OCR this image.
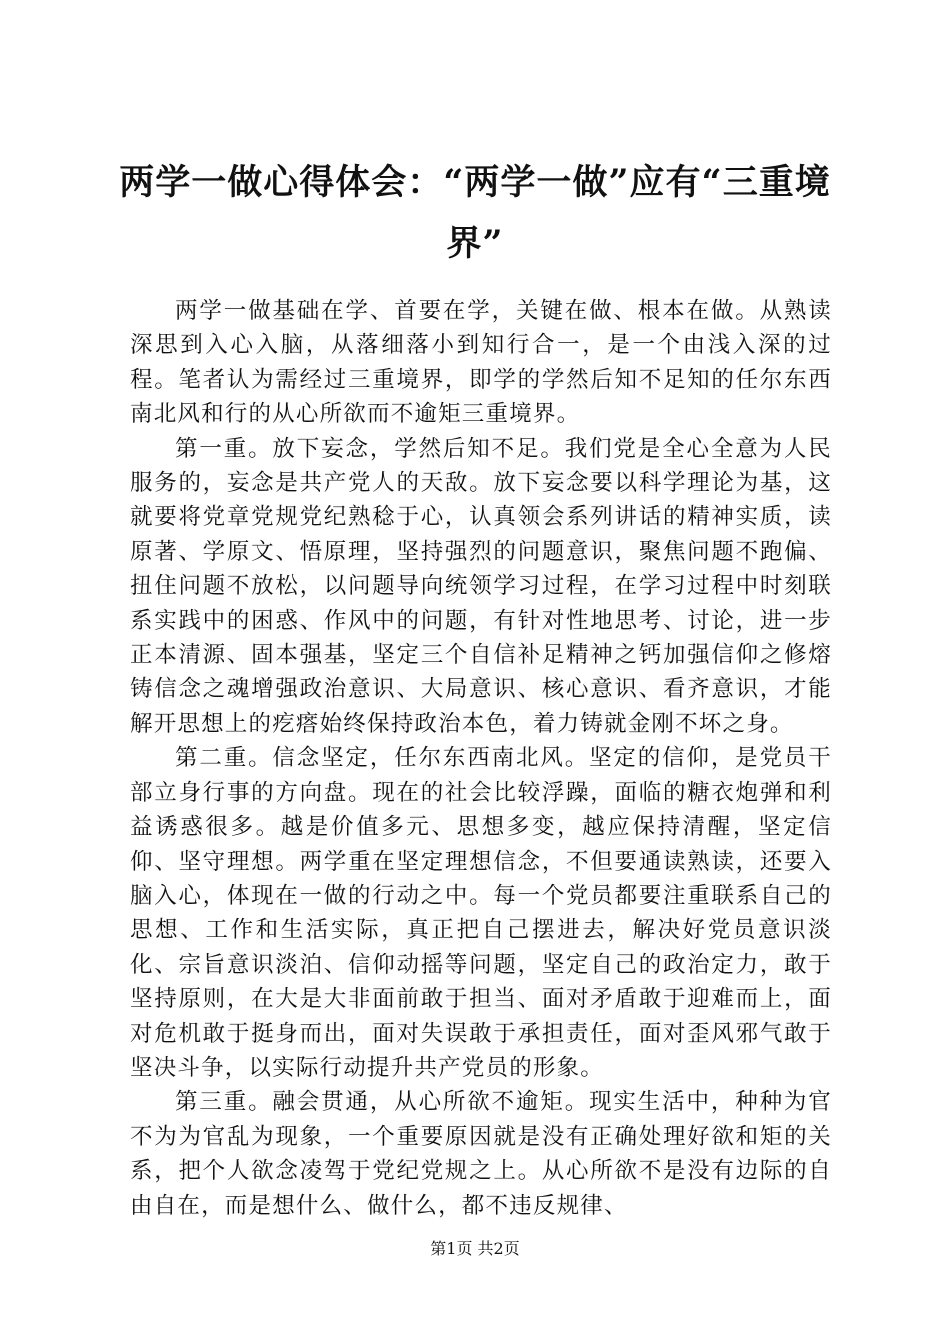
两学一做心得体会：“两学一做”应有“三重境界”

两学一做基础在学、首要在学，关键在做、根本在做。从熟读深思到入心入脑，从落细落小到知行合一，是一个由浅入深的过程。笔者认为需经过三重境界，即学的学然后知不足知的任尔东西南北风和行的从心所欲而不逾矩三重境界。

第一重。放下妄念，学然后知不足。我们党是全心全意为人民服务的，妄念是共产党人的天敌。放下妄念要以科学理论为基，这就要将党章党规党纪熟稔于心，认真领会系列讲话的精神实质，读原著、学原文、悟原理，坚持强烈的问题意识，聚焦问题不跑偏、扭住问题不放松，以问题导向统领学习过程，在学习过程中时刻联系实践中的困惑、作风中的问题，有针对性地思考、讨论，进一步正本清源、固本强基，坚定三个自信补足精神之钙加强信仰之修熔铸信念之魂增强政治意识、大局意识、核心意识、看齐意识，才能解开思想上的疙瘩始终保持政治本色，着力铸就金刚不坏之身。

第二重。信念坚定，任尔东西南北风。坚定的信仰，是党员干部立身行事的方向盘。现在的社会比较浮躁，面临的糖衣炮弹和利益诱惑很多。越是价值多元、思想多变，越应保持清醒，坚定信仰、坚守理想。两学重在坚定理想信念，不但要通读熟读，还要入脑入心，体现在一做的行动之中。每一个党员都要注重联系自己的思想、工作和生活实际，真正把自己摆进去，解决好党员意识淡化、宗旨意识淡泊、信仰动摇等问题，坚定自己的政治定力，敢于坚持原则，在大是大非面前敢于担当、面对矛盾敢于迎难而上，面对危机敢于挺身而出，面对失误敢于承担责任，面对歪风邪气敢于坚决斗争，以实际行动提升共产党员的形象。

第三重。融会贯通，从心所欲不逾矩。现实生活中，种种为官不为为官乱为现象，一个重要原因就是没有正确处理好欲和矩的关系，把个人欲念凌驾于党纪党规之上。从心所欲不是没有边际的自由自在，而是想什么、做什么，都不违反规律、

第1页 共2页
